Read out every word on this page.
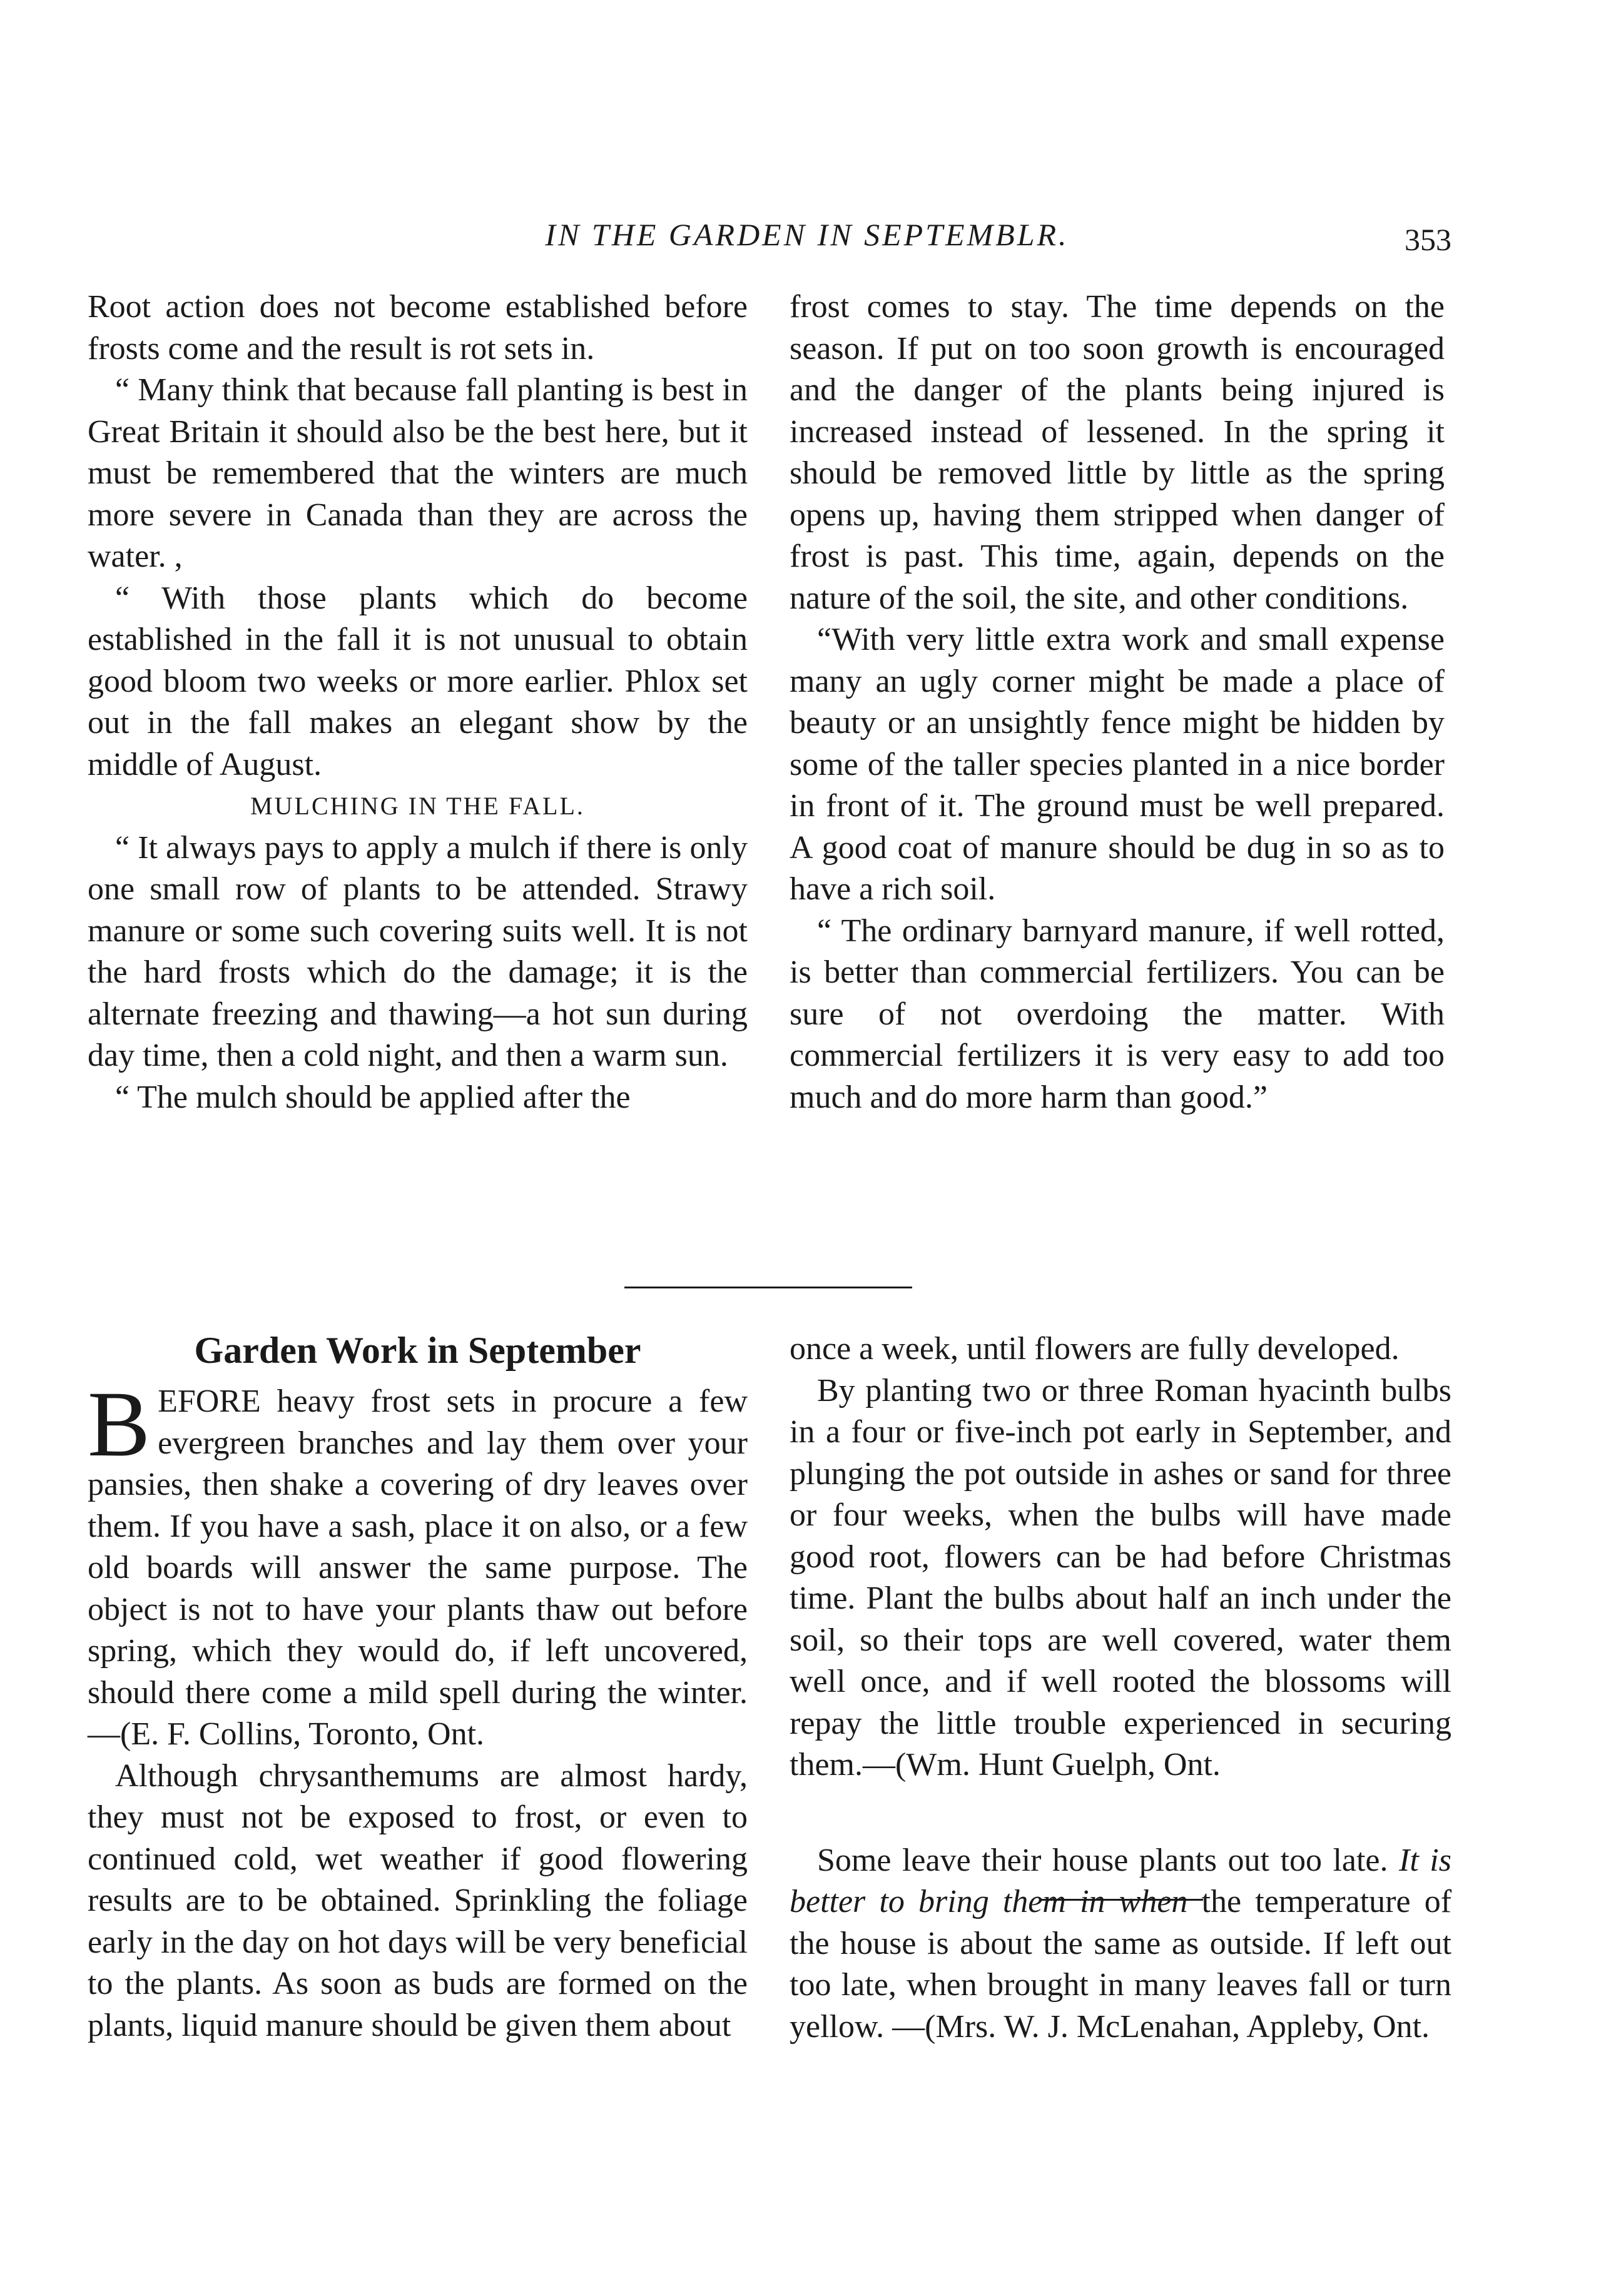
IN THE GARDEN IN SEPTEMBLR.	353

Root action does not become established before frosts come and the result is rot sets in.

“ Many think that because fall planting is best in Great Britain it should also be the best here, but it must be remembered that the winters are much more severe in Canada than they are across the water. ,

“ With those plants which do become established in the fall it is not unusual to obtain good bloom two weeks or more earlier. Phlox set out in the fall makes an elegant show by the middle of August.

MULCHING IN THE FALL.

“ It always pays to apply a mulch if there is only one small row of plants to be attended. Strawy manure or some such covering suits well. It is not the hard frosts which do the damage; it is the alternate freezing and thawing—a hot sun during day time, then a cold night, and then a warm sun.

“ The mulch should be applied after the

frost comes to stay. The time depends on the season. If put on too soon growth is encouraged and the danger of the plants being injured is increased instead of lessened. In the spring it should be removed little by little as the spring opens up, having them stripped when danger of frost is past. This time, again, depends on the nature of the soil, the site, and other conditions.

“With very little extra work and small expense many an ugly corner might be made a place of beauty or an unsightly fence might be hidden by some of the taller species planted in a nice border in front of it. The ground must be well prepared. A good coat of manure should be dug in so as to have a rich soil.

“ The ordinary barnyard manure, if well rotted, is better than commercial fertilizers. You can be sure of not overdoing the matter. With commercial fertilizers it is very easy to add too much and do more harm than good.”

Garden Work in September

BEFORE heavy frost sets in procure a few evergreen branches and lay them over your pansies, then shake a covering of dry leaves over them. If you have a sash, place it on also, or a few old boards will answer the same purpose. The object is not to have your plants thaw out before spring, which they would do, if left uncovered, should there come a mild spell during the winter.—(E. F. Collins, Toronto, Ont.

Although chrysanthemums are almost hardy, they must not be exposed to frost, or even to continued cold, wet weather if good flowering results are to be obtained. Sprinkling the foliage early in the day on hot days will be very beneficial to the plants. As soon as buds are formed on the plants, liquid manure should be given them about

once a week, until flowers are fully developed.

By planting two or three Roman hyacinth bulbs in a four or five-inch pot early in September, and plunging the pot outside in ashes or sand for three or four weeks, when the bulbs will have made good root, flowers can be had before Christmas time. Plant the bulbs about half an inch under the soil, so their tops are well covered, water them well once, and if well rooted the blossoms will repay the little trouble experienced in securing them.—(Wm. Hunt Guelph, Ont.

Some leave their house plants out too late. It is better to bring them in when the temperature of the house is about the same as outside. If left out too late, when brought in many leaves fall or turn yellow. —(Mrs. W. J. McLenahan, Appleby, Ont.
